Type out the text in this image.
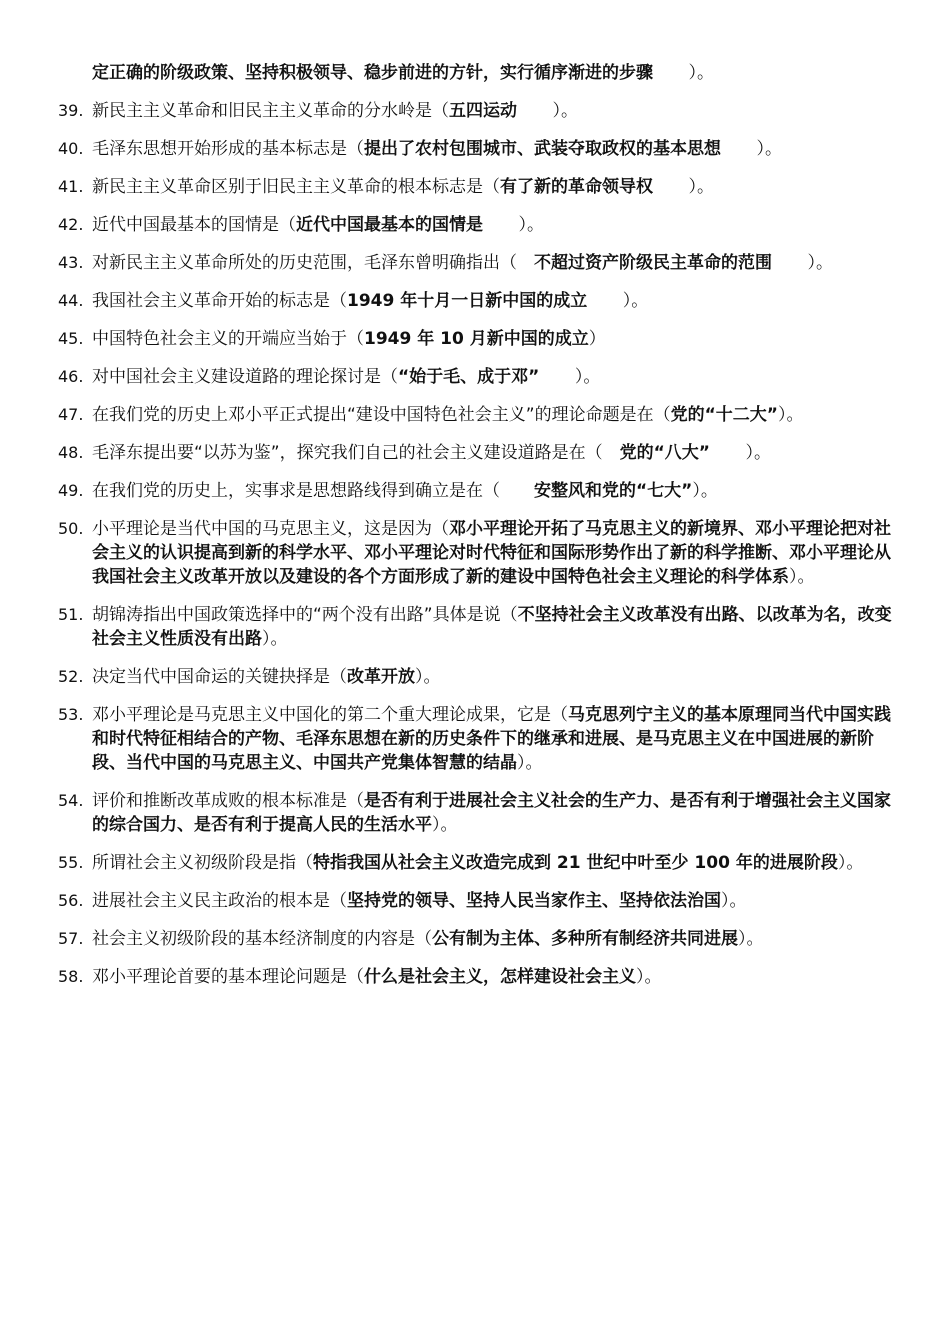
定正确的阶级政策、坚持积极领导、稳步前进的方针，实行循序渐进的步骤 ）。
39. 新民主主义革命和旧民主主义革命的分水岭是（五四运动 ）。
40. 毛泽东思想开始形成的基本标志是（提出了农村包围城市、武装夺取政权的基本思想 ）。
41. 新民主主义革命区别于旧民主主义革命的根本标志是（有了新的革命领导权 ）。
42. 近代中国最基本的国情是（近代中国最基本的国情是 ）。
43. 对新民主主义革命所处的历史范围，毛泽东曾明确指出（　不超过资产阶级民主革命的范围 ）。
44. 我国社会主义革命开始的标志是（1949 年十月一日新中国的成立 ）。
45. 中国特色社会主义的开端应当始于（1949 年 10 月新中国的成立）
46. 对中国社会主义建设道路的理论探讨是（“始于毛、成于邓” ）。
47. 在我们党的历史上邓小平正式提出“建设中国特色社会主义”的理论命题是在（党的“十二大”）。
48. 毛泽东提出要“以苏为鉴”，探究我们自己的社会主义建设道路是在（　党的“八大” ）。
49. 在我们党的历史上，实事求是思想路线得到确立是在（　　安整风和党的“七大”）。
50. 小平理论是当代中国的马克思主义，这是因为（邓小平理论开拓了马克思主义的新境界、邓小平理论把对社会主义的认识提高到新的科学水平、邓小平理论对时代特征和国际形势作出了新的科学推断、邓小平理论从我国社会主义改革开放以及建设的各个方面形成了新的建设中国特色社会主义理论的科学体系）。
51. 胡锦涛指出中国政策选择中的“两个没有出路”具体是说（不坚持社会主义改革没有出路、以改革为名，改变社会主义性质没有出路）。
52. 决定当代中国命运的关键抉择是（改革开放）。
53. 邓小平理论是马克思主义中国化的第二个重大理论成果，它是（马克思列宁主义的基本原理同当代中国实践和时代特征相结合的产物、毛泽东思想在新的历史条件下的继承和进展、是马克思主义在中国进展的新阶段、当代中国的马克思主义、中国共产党集体智慧的结晶）。
54. 评价和推断改革成败的根本标准是（是否有利于进展社会主义社会的生产力、是否有利于增强社会主义国家的综合国力、是否有利于提高人民的生活水平）。
55. 所谓社会主义初级阶段是指（特指我国从社会主义改造完成到 21 世纪中叶至少 100 年的进展阶段）。
56. 进展社会主义民主政治的根本是（坚持党的领导、坚持人民当家作主、坚持依法治国）。
57. 社会主义初级阶段的基本经济制度的内容是（公有制为主体、多种所有制经济共同进展）。
58. 邓小平理论首要的基本理论问题是（什么是社会主义，怎样建设社会主义）。
